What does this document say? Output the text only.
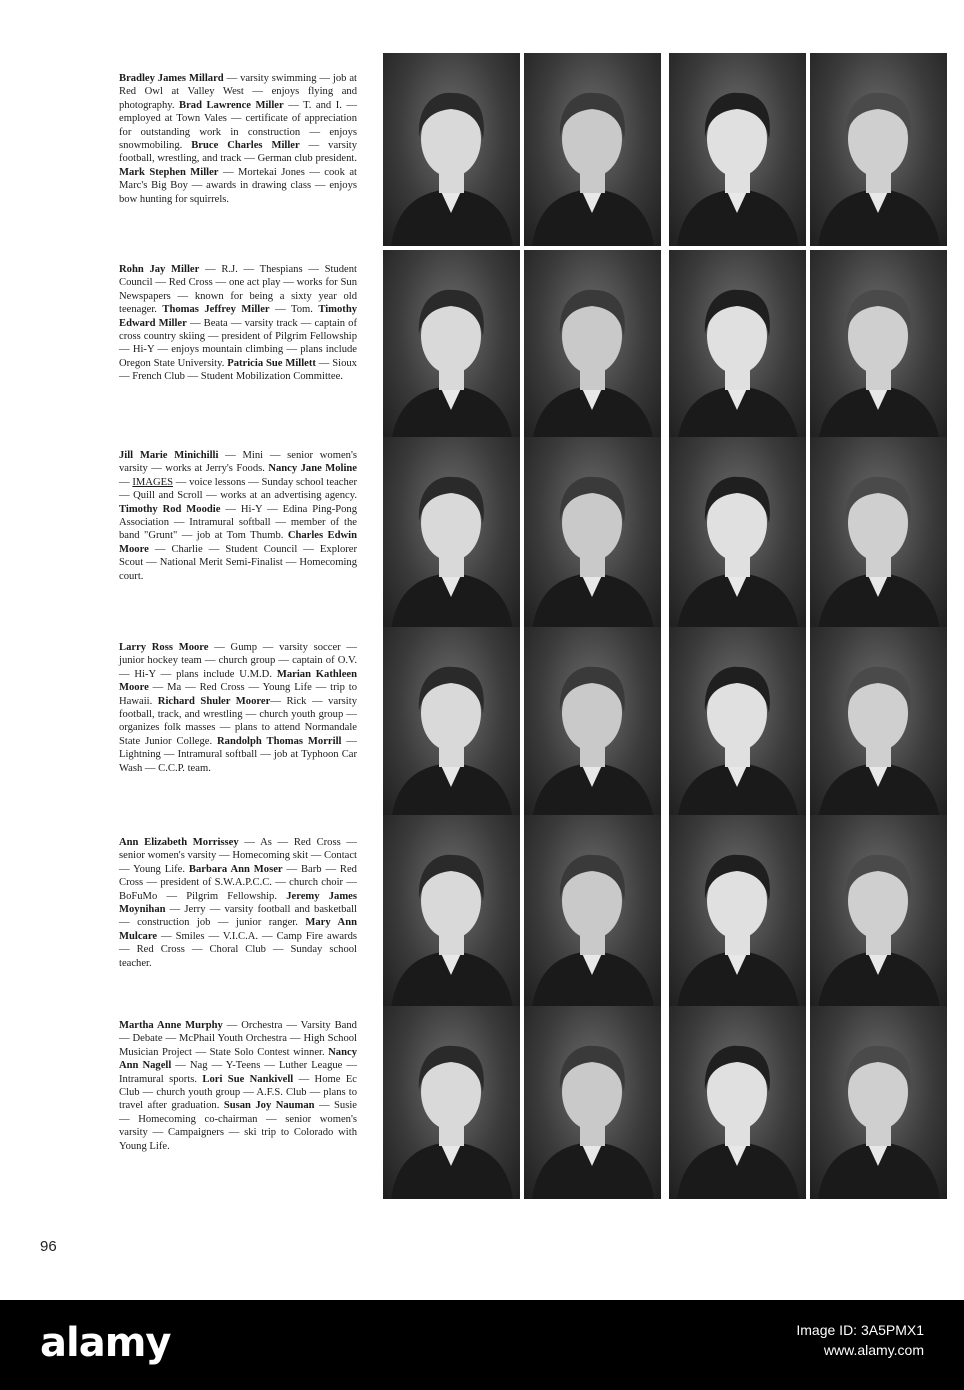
Bradley James Millard — varsity swimming — job at Red Owl at Valley West — enjoys flying and photography. Brad Lawrence Miller — T. and I. — employed at Town Vales — certificate of appreciation for outstanding work in construction — enjoys snowmobiling. Bruce Charles Miller — varsity football, wrestling, and track — German club president. Mark Stephen Miller — Mortekai Jones — cook at Marc's Big Boy — awards in drawing class — enjoys bow hunting for squirrels.

Rohn Jay Miller — R.J. — Thespians — Student Council — Red Cross — one act play — works for Sun Newspapers — known for being a sixty year old teenager. Thomas Jeffrey Miller — Tom. Timothy Edward Miller — Beata — varsity track — captain of cross country skiing — president of Pilgrim Fellowship — Hi-Y — enjoys mountain climbing — plans include Oregon State University. Patricia Sue Millett — Sioux — French Club — Student Mobilization Committee.

Jill Marie Minichilli — Mini — senior women's varsity — works at Jerry's Foods. Nancy Jane Moline — IMAGES — voice lessons — Sunday school teacher — Quill and Scroll — works at an advertising agency. Timothy Rod Moodie — Hi-Y — Edina Ping-Pong Association — Intramural softball — member of the band "Grunt" — job at Tom Thumb. Charles Edwin Moore — Charlie — Student Council — Explorer Scout — National Merit Semi-Finalist — Homecoming court.

Larry Ross Moore — Gump — varsity soccer — junior hockey team — church group — captain of O.V. — Hi-Y — plans include U.M.D. Marian Kathleen Moore — Ma — Red Cross — Young Life — trip to Hawaii. Richard Shuler Moorer— Rick — varsity football, track, and wrestling — church youth group — organizes folk masses — plans to attend Normandale State Junior College. Randolph Thomas Morrill — Lightning — Intramural softball — job at Typhoon Car Wash — C.C.P. team.

Ann Elizabeth Morrissey — As — Red Cross — senior women's varsity — Homecoming skit — Contact — Young Life. Barbara Ann Moser — Barb — Red Cross — president of S.W.A.P.C.C. — church choir — BoFuMo — Pilgrim Fellowship. Jeremy James Moynihan — Jerry — varsity football and basketball — construction job — junior ranger. Mary Ann Mulcare — Smiles — V.I.C.A. — Camp Fire awards — Red Cross — Choral Club — Sunday school teacher.

Martha Anne Murphy — Orchestra — Varsity Band — Debate — McPhail Youth Orchestra — High School Musician Project — State Solo Contest winner. Nancy Ann Nagell — Nag — Y-Teens — Luther League — Intramural sports. Lori Sue Nankivell — Home Ec Club — church youth group — A.F.S. Club — plans to travel after graduation. Susan Joy Nauman — Susie — Homecoming co-chairman — senior women's varsity — Campaigners — ski trip to Colorado with Young Life.

96

alamy	Image ID: 3A5PMX1
www.alamy.com
